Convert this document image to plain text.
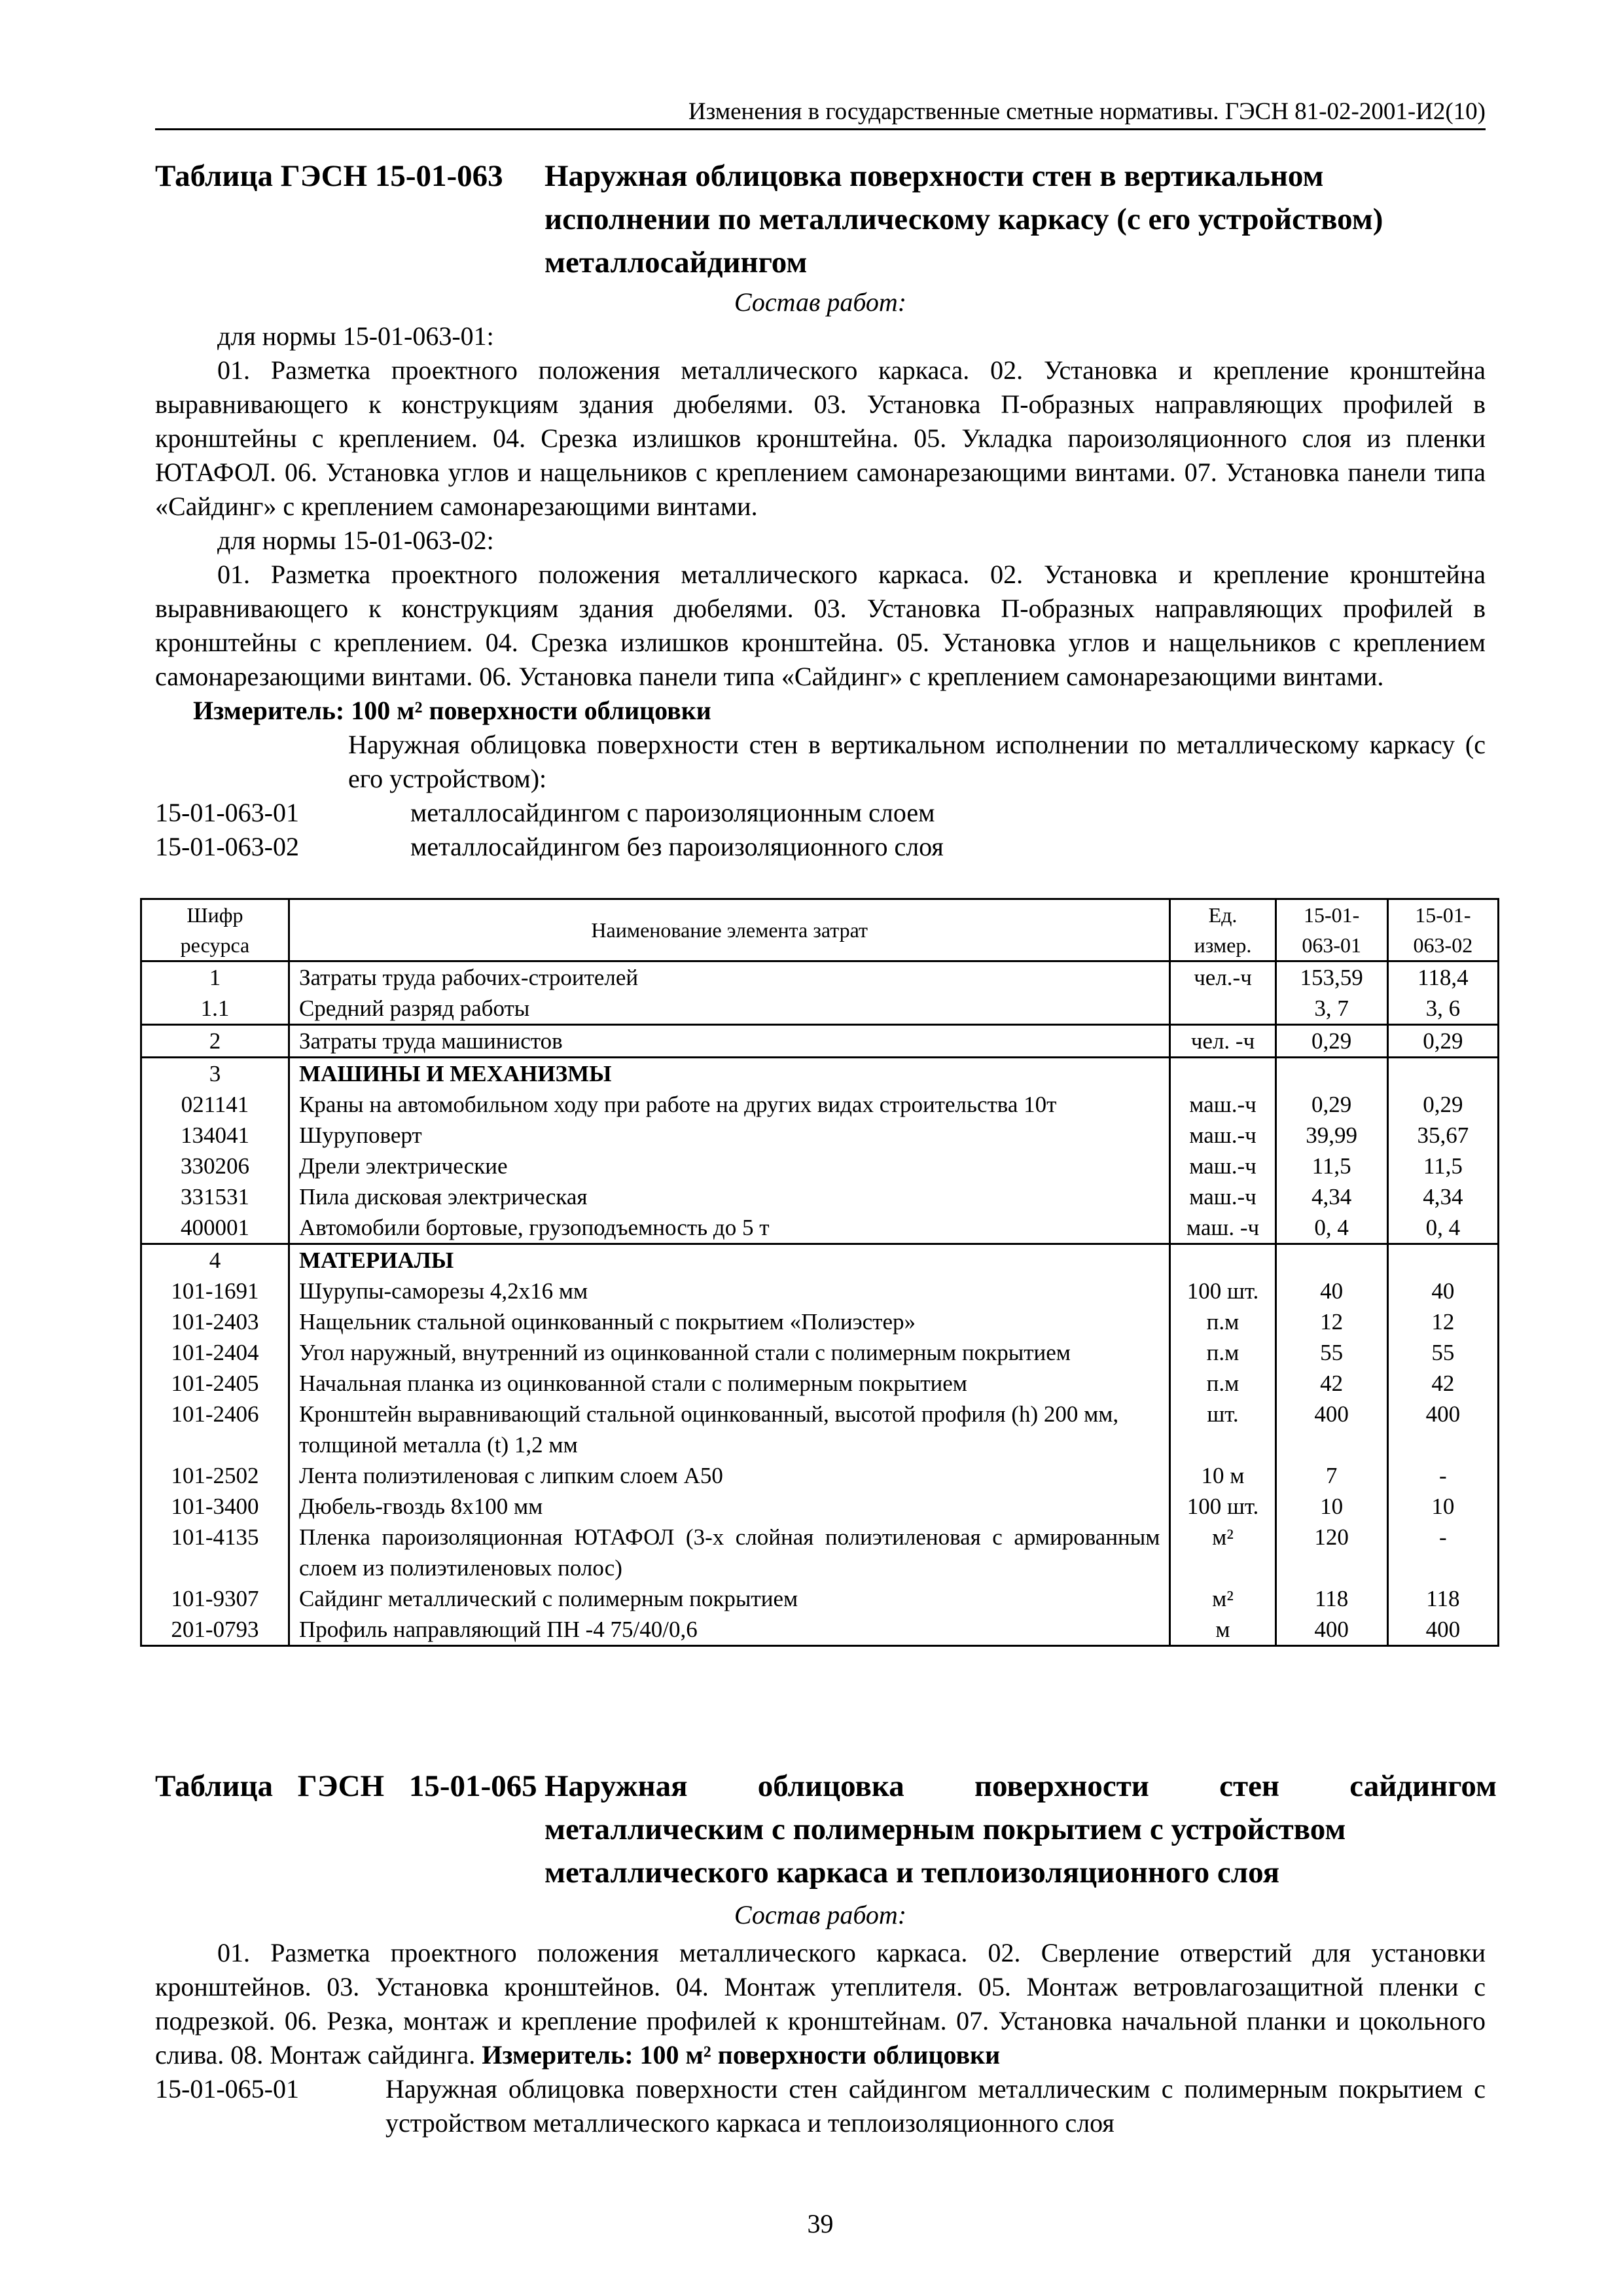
Изменения в государственные сметные нормативы. ГЭСН 81-02-2001-И2(10)
Таблица ГЭСН 15-01-063 Наружная облицовка поверхности стен в вертикальном
исполнении по металлическому каркасу (с его устройством)
металлосайдингом
Состав работ:
для нормы 15-01-063-01:
01. Разметка проектного положения металлического каркаса. 02. Установка и крепление кронштейна выравнивающего к конструкциям здания дюбелями. 03. Установка П-образных направляющих профилей в кронштейны с креплением. 04. Срезка излишков кронштейна. 05. Укладка пароизоляционного слоя из пленки ЮТАФОЛ. 06. Установка углов и нащельников с креплением самонарезающими винтами. 07. Установка панели типа «Сайдинг» с креплением самонарезающими винтами.
для нормы 15-01-063-02:
01. Разметка проектного положения металлического каркаса. 02. Установка и крепление кронштейна выравнивающего к конструкциям здания дюбелями. 03. Установка П-образных направляющих профилей в кронштейны с креплением. 04. Срезка излишков кронштейна. 05. Установка углов и нащельников с креплением самонарезающими винтами. 06. Установка панели типа «Сайдинг» с креплением самонарезающими винтами.
Измеритель: 100 м² поверхности облицовки
Наружная облицовка поверхности стен в вертикальном исполнении по металлическому каркасу (с его устройством):
15-01-063-01	металлосайдингом с пароизоляционным слоем
15-01-063-02	металлосайдингом без пароизоляционного слоя
Шифр ресурса	Наименование элемента затрат	Ед. измер.	15-01-063-01	15-01-063-02
1	Затраты труда рабочих-строителей	чел.-ч	153,59	118,4
1.1	Средний разряд работы		3, 7	3, 6
2	Затраты труда машинистов	чел. -ч	0,29	0,29
3	МАШИНЫ И МЕХАНИЗМЫ			
021141	Краны на автомобильном ходу при работе на других видах строительства 10т	маш.-ч	0,29	0,29
134041	Шуруповерт	маш.-ч	39,99	35,67
330206	Дрели электрические	маш.-ч	11,5	11,5
331531	Пила дисковая электрическая	маш.-ч	4,34	4,34
400001	Автомобили бортовые, грузоподъемность до 5 т	маш. -ч	0, 4	0, 4
4	МАТЕРИАЛЫ			
101-1691	Шурупы-саморезы 4,2х16 мм	100 шт.	40	40
101-2403	Нащельник стальной оцинкованный с покрытием «Полиэстер»	п.м	12	12
101-2404	Угол наружный, внутренний из оцинкованной стали с полимерным покрытием	п.м	55	55
101-2405	Начальная планка из оцинкованной стали с полимерным покрытием	п.м	42	42
101-2406	Кронштейн выравнивающий стальной оцинкованный, высотой профиля (h) 200 мм, толщиной металла (t) 1,2 мм	шт.	400	400
101-2502	Лента полиэтиленовая с липким слоем А50	10 м	7	-
101-3400	Дюбель-гвоздь 8х100 мм	100 шт.	10	10
101-4135	Пленка пароизоляционная ЮТАФОЛ (3-х слойная полиэтиленовая с армированным слоем из полиэтиленовых полос)	м²	120	-
101-9307	Сайдинг металлический с полимерным покрытием	м²	118	118
201-0793	Профиль направляющий ПН -4 75/40/0,6	м	400	400
Таблица ГЭСН 15-01-065 Наружная облицовка поверхности стен сайдингом
металлическим с полимерным покрытием с устройством
металлического каркаса и теплоизоляционного слоя
Состав работ:
01. Разметка проектного положения металлического каркаса. 02. Сверление отверстий для установки кронштейнов. 03. Установка кронштейнов. 04. Монтаж утеплителя. 05. Монтаж ветровлагозащитной пленки с подрезкой. 06. Резка, монтаж и крепление профилей к кронштейнам. 07. Установка начальной планки и цокольного слива. 08. Монтаж сайдинга. Измеритель: 100 м² поверхности облицовки
15-01-065-01	Наружная облицовка поверхности стен сайдингом металлическим с полимерным покрытием с устройством металлического каркаса и теплоизоляционного слоя
39
